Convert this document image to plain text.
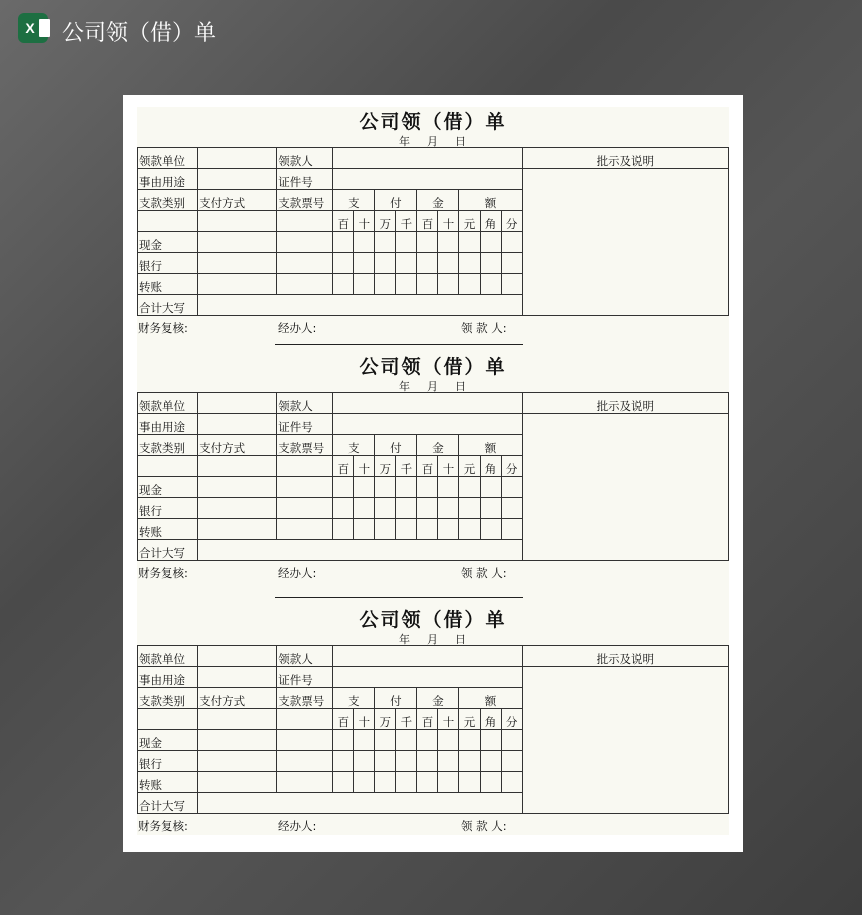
X 公司领（借）单
公司领（借）单
年 月 日
领款单位		领款人										批示及说明
事由用途		证件号										
支款类别	支付方式	支款票号	支		付		金		额			
			百	十	万	千	百	十	元	角	分	
现金												
银行												
转账												
合计大写												
财务复核:	经办人:	领 款 人:
公司领（借）单
年 月 日
领款单位		领款人										批示及说明
事由用途		证件号										
支款类别	支付方式	支款票号	支		付		金		额			
			百	十	万	千	百	十	元	角	分	
现金												
银行												
转账												
合计大写												
财务复核:	经办人:	领 款 人:
公司领（借）单
年 月 日
领款单位		领款人										批示及说明
事由用途		证件号										
支款类别	支付方式	支款票号	支		付		金		额			
			百	十	万	千	百	十	元	角	分	
现金												
银行												
转账												
合计大写												
财务复核:	经办人:	领 款 人:
